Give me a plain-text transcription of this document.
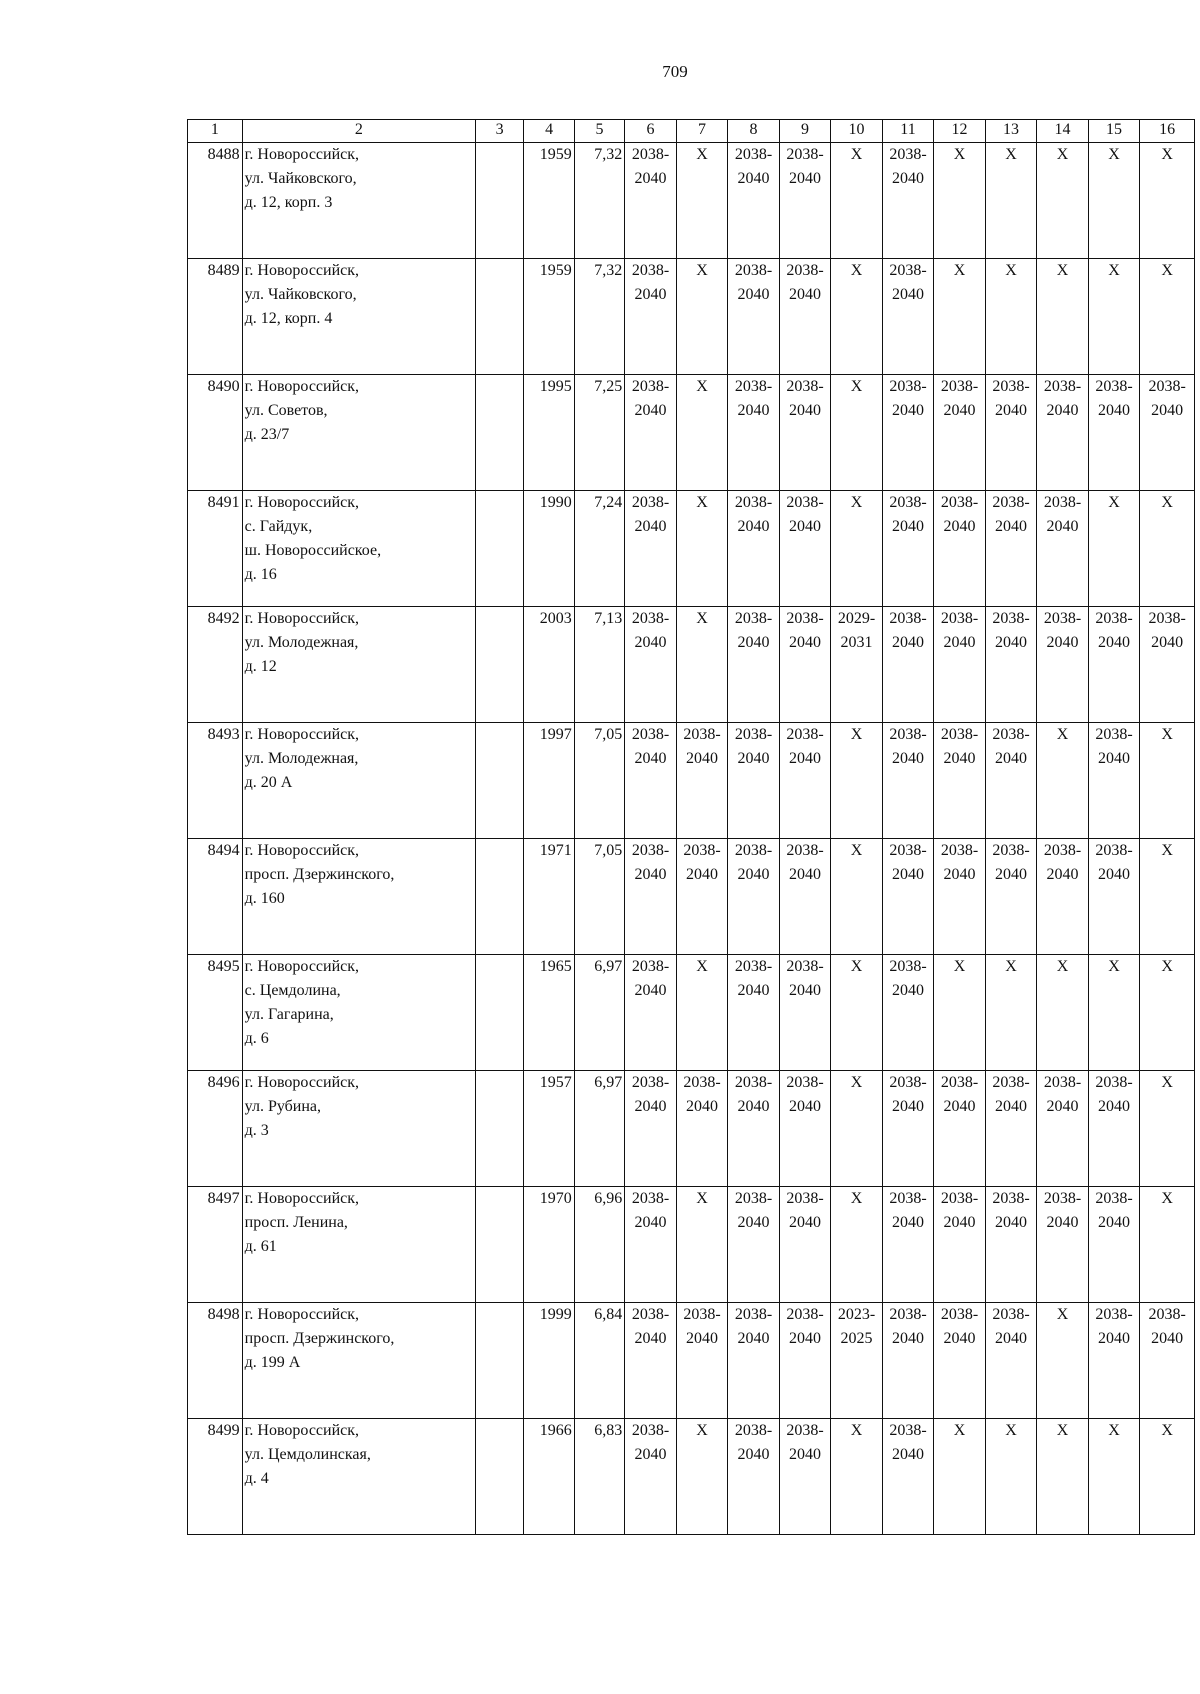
709
1	2	3	4	5	6	7	8	9	10	11	12	13	14	15	16
8488	г. Новороссийск,
ул. Чайковского,
д. 12, корп. 3		1959	7,32	2038-
2040	X	2038-
2040	2038-
2040	X	2038-
2040	X	X	X	X	X
8489	г. Новороссийск,
ул. Чайковского,
д. 12, корп. 4		1959	7,32	2038-
2040	X	2038-
2040	2038-
2040	X	2038-
2040	X	X	X	X	X
8490	г. Новороссийск,
ул. Советов,
д. 23/7		1995	7,25	2038-
2040	X	2038-
2040	2038-
2040	X	2038-
2040	2038-
2040	2038-
2040	2038-
2040	2038-
2040	2038-
2040
8491	г. Новороссийск,
с. Гайдук,
ш. Новороссийское,
д. 16		1990	7,24	2038-
2040	X	2038-
2040	2038-
2040	X	2038-
2040	2038-
2040	2038-
2040	2038-
2040	X	X
8492	г. Новороссийск,
ул. Молодежная,
д. 12		2003	7,13	2038-
2040	X	2038-
2040	2038-
2040	2029-
2031	2038-
2040	2038-
2040	2038-
2040	2038-
2040	2038-
2040	2038-
2040
8493	г. Новороссийск,
ул. Молодежная,
д. 20 А		1997	7,05	2038-
2040	2038-
2040	2038-
2040	2038-
2040	X	2038-
2040	2038-
2040	2038-
2040	X	2038-
2040	X
8494	г. Новороссийск,
просп. Дзержинского,
д. 160		1971	7,05	2038-
2040	2038-
2040	2038-
2040	2038-
2040	X	2038-
2040	2038-
2040	2038-
2040	2038-
2040	2038-
2040	X
8495	г. Новороссийск,
с. Цемдолина,
ул. Гагарина,
д. 6		1965	6,97	2038-
2040	X	2038-
2040	2038-
2040	X	2038-
2040	X	X	X	X	X
8496	г. Новороссийск,
ул. Рубина,
д. 3		1957	6,97	2038-
2040	2038-
2040	2038-
2040	2038-
2040	X	2038-
2040	2038-
2040	2038-
2040	2038-
2040	2038-
2040	X
8497	г. Новороссийск,
просп. Ленина,
д. 61		1970	6,96	2038-
2040	X	2038-
2040	2038-
2040	X	2038-
2040	2038-
2040	2038-
2040	2038-
2040	2038-
2040	X
8498	г. Новороссийск,
просп. Дзержинского,
д. 199 А		1999	6,84	2038-
2040	2038-
2040	2038-
2040	2038-
2040	2023-
2025	2038-
2040	2038-
2040	2038-
2040	X	2038-
2040	2038-
2040
8499	г. Новороссийск,
ул. Цемдолинская,
д. 4		1966	6,83	2038-
2040	X	2038-
2040	2038-
2040	X	2038-
2040	X	X	X	X	X
